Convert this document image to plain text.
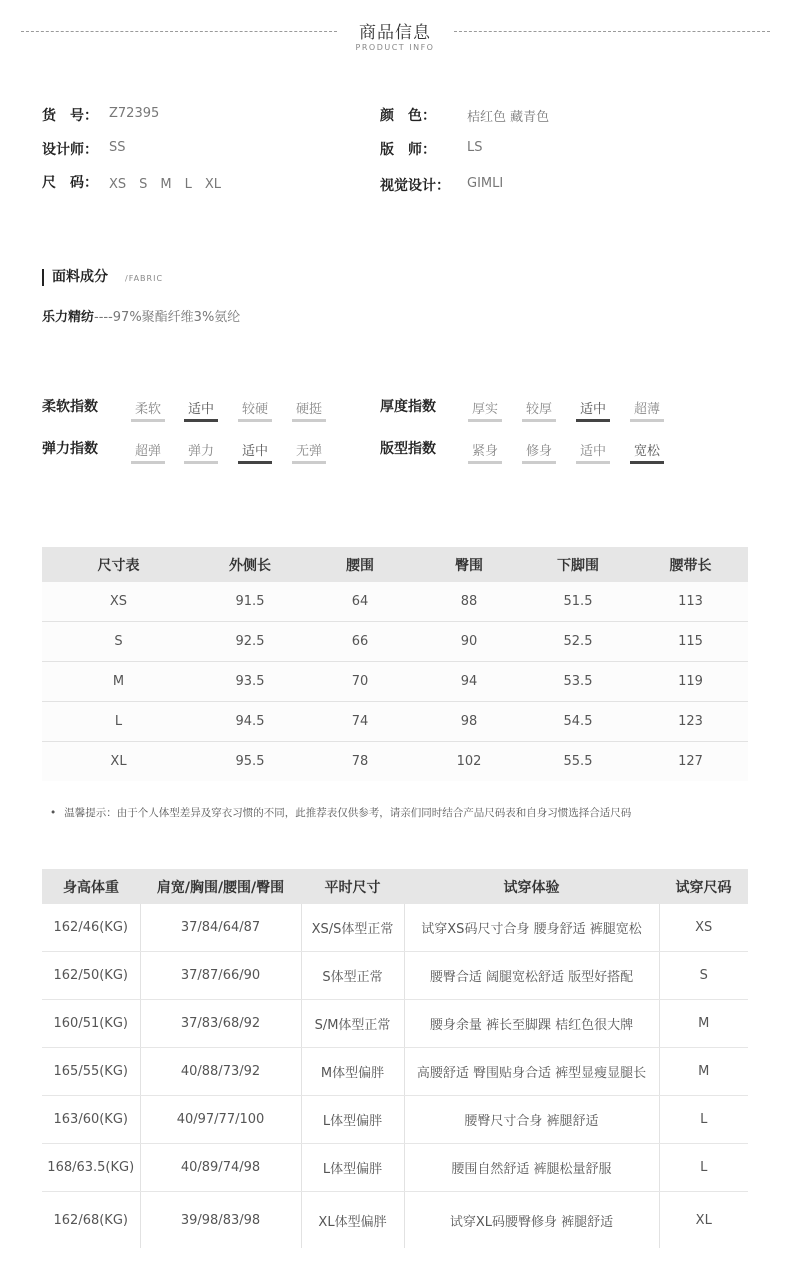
商品信息
PRODUCT INFO
货　号： Z72395
设计师： SS
尺　码： XS　S　M　L　XL
颜　色： 桔红色 藏青色
版　师： LS
视觉设计： GIMLI
面料成分 /FABRIC
乐力精纺----97%聚酯纤维3%氨纶
柔软指数	柔软	适中	较硬	硬挺	厚度指数	厚实	较厚	适中	超薄
弹力指数	超弹	弹力	适中	无弹	版型指数	紧身	修身	适中	宽松
尺寸表	外侧长	腰围	臀围	下脚围	腰带长
XS	91.5	64	88	51.5	113
S	92.5	66	90	52.5	115
M	93.5	70	94	53.5	119
L	94.5	74	98	54.5	123
XL	95.5	78	102	55.5	127
• 温馨提示：由于个人体型差异及穿衣习惯的不同，此推荐表仅供参考，请亲们同时结合产品尺码表和自身习惯选择合适尺码
身高体重	肩宽/胸围/腰围/臀围	平时尺寸	试穿体验	试穿尺码
162/46(KG)	37/84/64/87	XS/S体型正常	试穿XS码尺寸合身 腰身舒适 裤腿宽松	XS
162/50(KG)	37/87/66/90	S体型正常	腰臀合适 阔腿宽松舒适 版型好搭配	S
160/51(KG)	37/83/68/92	S/M体型正常	腰身余量 裤长至脚踝 桔红色很大牌	M
165/55(KG)	40/88/73/92	M体型偏胖	高腰舒适 臀围贴身合适 裤型显瘦显腿长	M
163/60(KG)	40/97/77/100	L体型偏胖	腰臀尺寸合身 裤腿舒适	L
168/63.5(KG)	40/89/74/98	L体型偏胖	腰围自然舒适 裤腿松量舒服	L
162/68(KG)	39/98/83/98	XL体型偏胖	试穿XL码腰臀修身 裤腿舒适	XL
